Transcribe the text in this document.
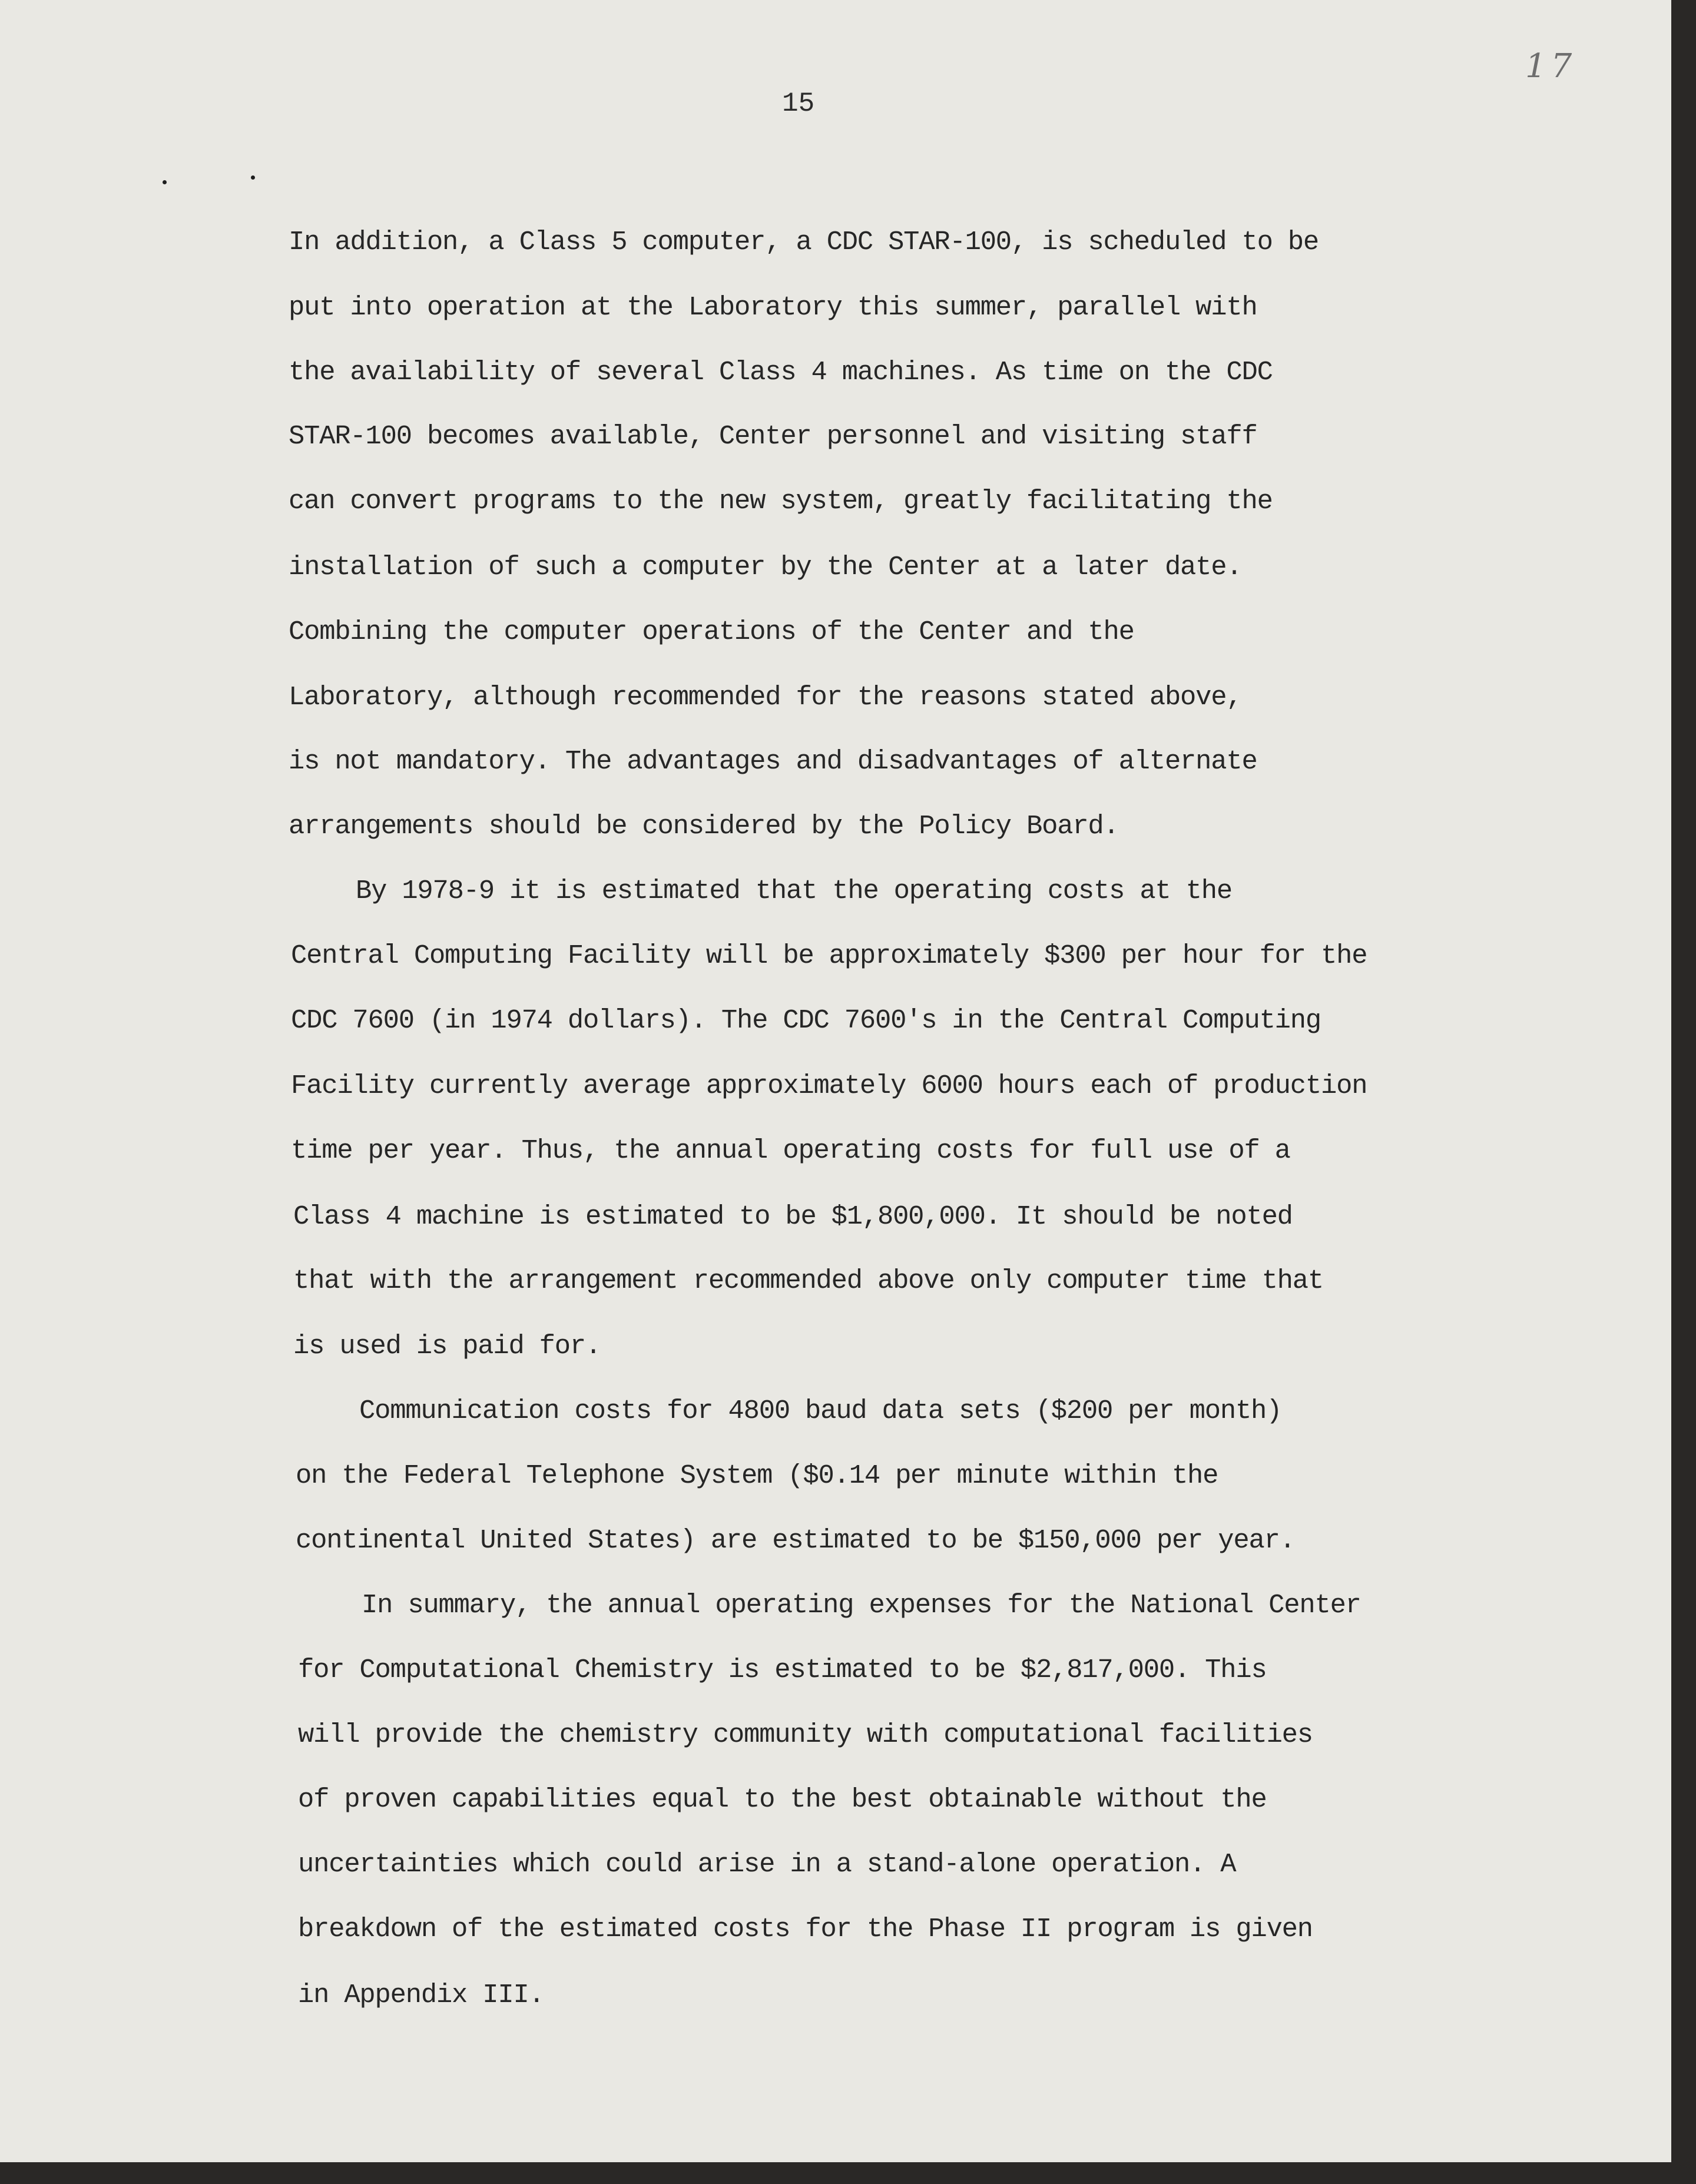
15
17
In addition, a Class 5 computer, a CDC STAR-100, is scheduled to be
put into operation at the Laboratory this summer, parallel with
the availability of several Class 4 machines. As time on the CDC
STAR-100 becomes available, Center personnel and visiting staff
can convert programs to the new system, greatly facilitating the
installation of such a computer by the Center at a later date.
Combining the computer operations of the Center and the
Laboratory, although recommended for the reasons stated above,
is not mandatory. The advantages and disadvantages of alternate
arrangements should be considered by the Policy Board.
By 1978-9 it is estimated that the operating costs at the
Central Computing Facility will be approximately $300 per hour for the
CDC 7600 (in 1974 dollars). The CDC 7600's in the Central Computing
Facility currently average approximately 6000 hours each of production
time per year. Thus, the annual operating costs for full use of a
Class 4 machine is estimated to be $1,800,000. It should be noted
that with the arrangement recommended above only computer time that
is used is paid for.
Communication costs for 4800 baud data sets ($200 per month)
on the Federal Telephone System ($0.14 per minute within the
continental United States) are estimated to be $150,000 per year.
In summary, the annual operating expenses for the National Center
for Computational Chemistry is estimated to be $2,817,000. This
will provide the chemistry community with computational facilities
of proven capabilities equal to the best obtainable without the
uncertainties which could arise in a stand-alone operation. A
breakdown of the estimated costs for the Phase II program is given
in Appendix III.
